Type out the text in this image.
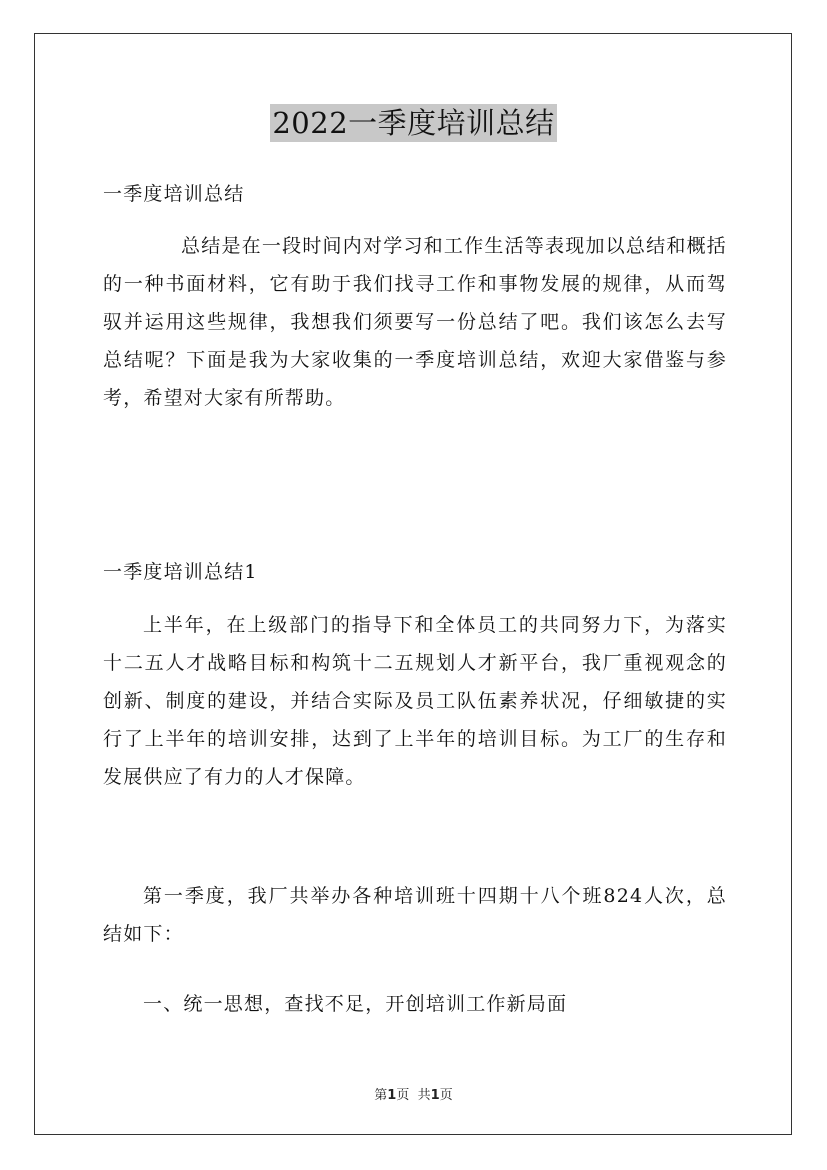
2022一季度培训总结

一季度培训总结

总结是在一段时间内对学习和工作生活等表现加以总结和概括的一种书面材料，它有助于我们找寻工作和事物发展的规律，从而驾驭并运用这些规律，我想我们须要写一份总结了吧。我们该怎么去写总结呢？下面是我为大家收集的一季度培训总结，欢迎大家借鉴与参考，希望对大家有所帮助。

一季度培训总结1

上半年，在上级部门的指导下和全体员工的共同努力下，为落实十二五人才战略目标和构筑十二五规划人才新平台，我厂重视观念的创新、制度的建设，并结合实际及员工队伍素养状况，仔细敏捷的实行了上半年的培训安排，达到了上半年的培训目标。为工厂的生存和发展供应了有力的人才保障。

第一季度，我厂共举办各种培训班十四期十八个班824人次，总结如下：

一、统一思想，查找不足，开创培训工作新局面

第1页 共1页
